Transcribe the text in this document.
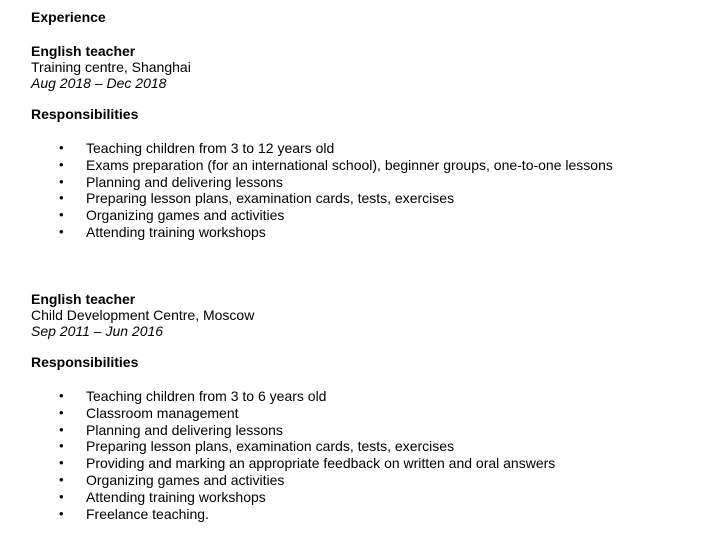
Experience
English teacher
Training centre, Shanghai
Aug 2018 – Dec 2018
Responsibilities
•	Teaching children from 3 to 12 years old
•	Exams preparation (for an international school), beginner groups, one-to-one lessons
•	Planning and delivering lessons
•	Preparing lesson plans, examination cards, tests, exercises
•	Organizing games and activities
•	Attending training workshops
English teacher
Child Development Centre, Moscow
Sep 2011 – Jun 2016
Responsibilities
•	Teaching children from 3 to 6 years old
•	Classroom management
•	Planning and delivering lessons
•	Preparing lesson plans, examination cards, tests, exercises
•	Providing and marking an appropriate feedback on written and oral answers
•	Organizing games and activities
•	Attending training workshops
•	Freelance teaching.
